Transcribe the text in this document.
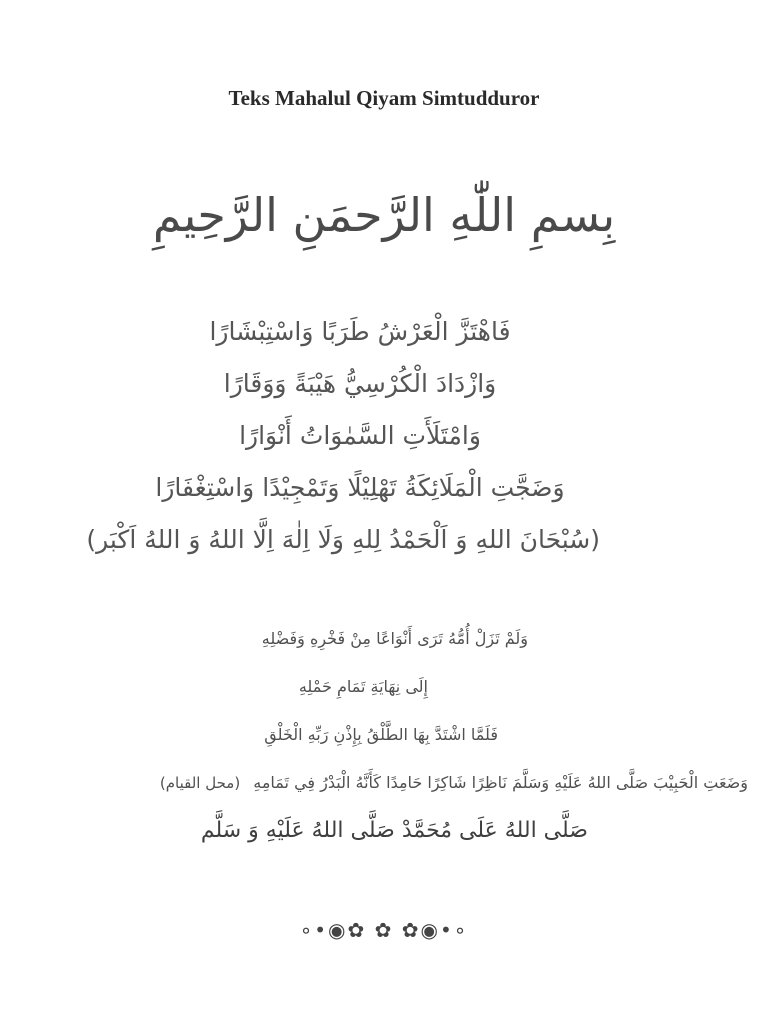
Teks Mahalul Qiyam Simtudduror
بِسمِ اللّٰهِ الرَّحمَنِ الرَّحِيمِ
فَاهْتَزَّ الْعَرْشُ طَرَبًا وَاسْتِبْشَارًا
وَازْدَادَ الْكُرْسِيُّ هَيْبَةً وَوَقَارًا
وَامْتَلَأَتِ السَّمٰوَاتُ أَنْوَارًا
وَضَجَّتِ الْمَلَائِكَةُ تَهْلِيْلًا وَتَمْجِيْدًا وَاسْتِغْفَارًا
(سُبْحَانَ اللهِ وَ اَلْحَمْدُ لِلهِ وَلَا اِلٰهَ اِلَّا اللهُ وَ اللهُ اَكْبَر)
وَلَمْ تَزَلْ أُمُّهُ تَرَى أَنْوَاعًا مِنْ فَخْرِهِ وَفَضْلِهِ
إِلَى نِهَايَةِ تَمَامِ حَمْلِهِ
فَلَمَّا اشْتَدَّ بِهَا الطَّلْقُ بِإِذْنِ رَبِّهِ الْخَلْقِ
وَضَعَتِ الْحَبِيْبَ صَلَّى اللهُ عَلَيْهِ وَسَلَّمَ نَاظِرًا شَاكِرًا حَامِدًا كَأَنَّهُ الْبَدْرُ فِي تَمَامِهِ (محل القيام)
صَلَّى اللهُ عَلَى مُحَمَّدْ صَلَّى اللهُ عَلَيْهِ وَ سَلَّم
∘•◉✿ ✿ ✿◉•∘
